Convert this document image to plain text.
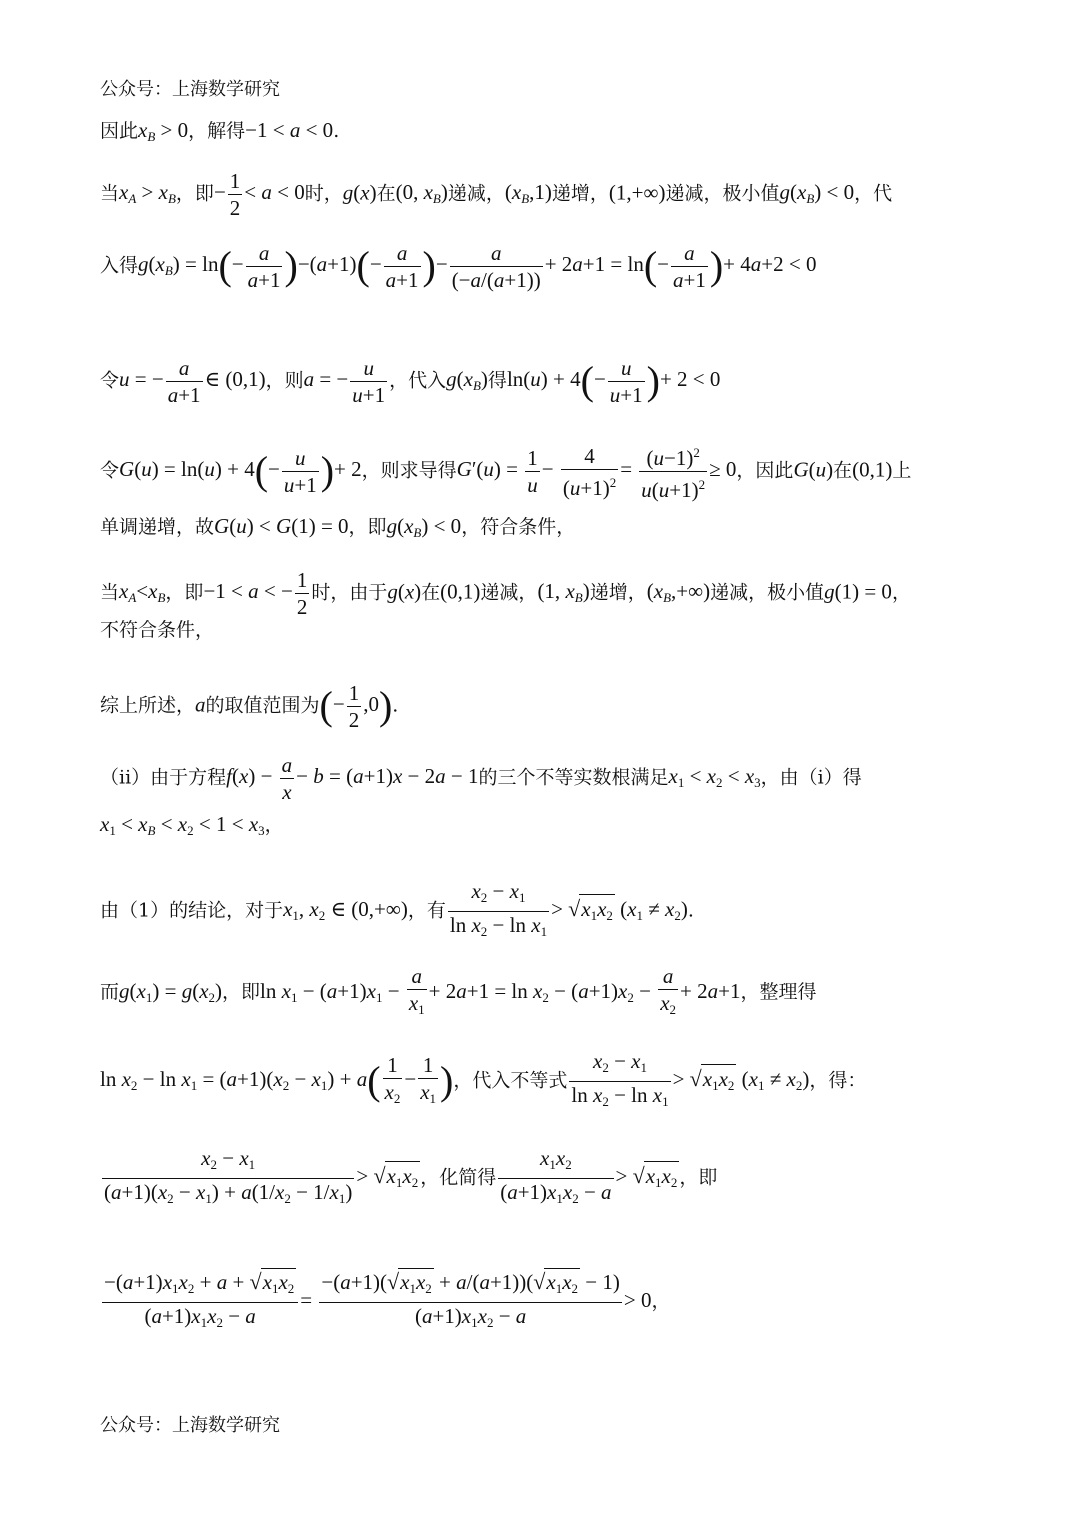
公众号：上海数学研究
因此$x_B > 0$，解得−1 < a < 0.
当$x_A > x_B$，即− $\frac{1}{2} < a < 0$时，g(x)在(0, $x_B$)递减，$(x_B,1)$递增，(1,+∞)递减，极小值$g(x_B) < 0$，代
入得$g(x_B) = \ln(- \frac{a}{a+1} )-(a+1)(- \frac{a}{a+1}$ )− $\frac{a}{(-a/(a+1))} + 2a+1 = \ln(- \frac{a}{a+1}$ )+ 4a+2 < 0
令u = − $\frac{a}{a+1}$ ∈ (0,1)，则a = − $\frac{u}{u+1}$ ，代入$g(x_B)$得$\ln(u) + 4(- \frac{u}{u+1}$ )+ 2 < 0
令$G(u) = \ln(u) + 4(- \frac{u}{u+1}$ )+ 2，则求导得$G'(u) = \frac{1}{u} - \frac{4}{(u+1)^2} = \frac{(u-1)^2}{u(u+1)^2} \ge 0$，因此G(u)在(0,1)上
单调递增，故G(u) < G(1) = 0，即$g(x_B) < 0$，符合条件，
当$x_A<x_B$，即−1 < a < − $\frac{1}{2}$ 时，由于g(x)在(0,1)递减，(1, $x_B$)递增，$(x_B,+\infty)$递减，极小值g(1) = 0，
不符合条件，
综上所述，a的取值范围为(− $\frac{1}{2} ,0$).
（ii）由于方程$f(x) - \frac{a}{x} - b = (a+1)x - 2a - 1$的三个不等实数根满足$x_1 < x_2 < x_3$，由（i）得
$x_1 < x_B < x_2 < 1 < x_3$，
由（1）的结论，对于$x_1$, $x_2$ ∈ (0,+∞)，有 $\frac{x_2 - x_1}{\ln x_2 - \ln x_1} > √x_1x_2$ $(x_1 \ne x_2)$.
而$g(x_1) = g(x_2)$，即$\ln x_1 - (a+1)x_1 - \frac{a}{x_1} + 2a+1 = \ln x_2 - (a+1)x_2 - \frac{a}{x_2} + 2a+1$，整理得
$\ln x_2 - \ln x_1 = (a+1)(x_2 - x_1) + a( \frac{1}{x_2} - \frac{1}{x_1}$ )，代入不等式 $\frac{x_2 - x_1}{\ln x_2 - \ln x_1} > √x_1x_2$ $(x_1 \ne x_2)$，得：
$\frac{x_2 - x_1}{(a+1)(x_2 - x_1) + a(1/x_2 - 1/x_1)} > √x_1x_2$ ，化简得 $\frac{x_1x_2}{(a+1)x_1x_2 - a} > √x_1x_2$ ，即
$\frac{-(a+1)x_1x_2 + a + √x_1x_2}{(a+1)x_1x_2 - a} = \frac{-(a+1)(√x_1x_2 + a/(a+1))(√x_1x_2 - 1)}{(a+1)x_1x_2 - a} > 0$，
公众号：上海数学研究
